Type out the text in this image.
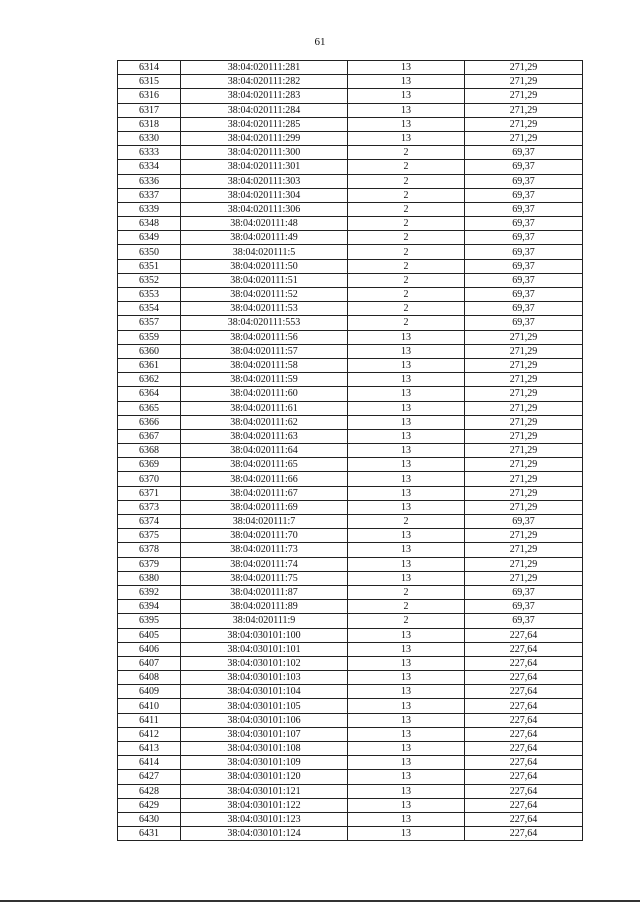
61
6314	38:04:020111:281	13	271,29
6315	38:04:020111:282	13	271,29
6316	38:04:020111:283	13	271,29
6317	38:04:020111:284	13	271,29
6318	38:04:020111:285	13	271,29
6330	38:04:020111:299	13	271,29
6333	38:04:020111:300	2	69,37
6334	38:04:020111:301	2	69,37
6336	38:04:020111:303	2	69,37
6337	38:04:020111:304	2	69,37
6339	38:04:020111:306	2	69,37
6348	38:04:020111:48	2	69,37
6349	38:04:020111:49	2	69,37
6350	38:04:020111:5	2	69,37
6351	38:04:020111:50	2	69,37
6352	38:04:020111:51	2	69,37
6353	38:04:020111:52	2	69,37
6354	38:04:020111:53	2	69,37
6357	38:04:020111:553	2	69,37
6359	38:04:020111:56	13	271,29
6360	38:04:020111:57	13	271,29
6361	38:04:020111:58	13	271,29
6362	38:04:020111:59	13	271,29
6364	38:04:020111:60	13	271,29
6365	38:04:020111:61	13	271,29
6366	38:04:020111:62	13	271,29
6367	38:04:020111:63	13	271,29
6368	38:04:020111:64	13	271,29
6369	38:04:020111:65	13	271,29
6370	38:04:020111:66	13	271,29
6371	38:04:020111:67	13	271,29
6373	38:04:020111:69	13	271,29
6374	38:04:020111:7	2	69,37
6375	38:04:020111:70	13	271,29
6378	38:04:020111:73	13	271,29
6379	38:04:020111:74	13	271,29
6380	38:04:020111:75	13	271,29
6392	38:04:020111:87	2	69,37
6394	38:04:020111:89	2	69,37
6395	38:04:020111:9	2	69,37
6405	38:04:030101:100	13	227,64
6406	38:04:030101:101	13	227,64
6407	38:04:030101:102	13	227,64
6408	38:04:030101:103	13	227,64
6409	38:04:030101:104	13	227,64
6410	38:04:030101:105	13	227,64
6411	38:04:030101:106	13	227,64
6412	38:04:030101:107	13	227,64
6413	38:04:030101:108	13	227,64
6414	38:04:030101:109	13	227,64
6427	38:04:030101:120	13	227,64
6428	38:04:030101:121	13	227,64
6429	38:04:030101:122	13	227,64
6430	38:04:030101:123	13	227,64
6431	38:04:030101:124	13	227,64
